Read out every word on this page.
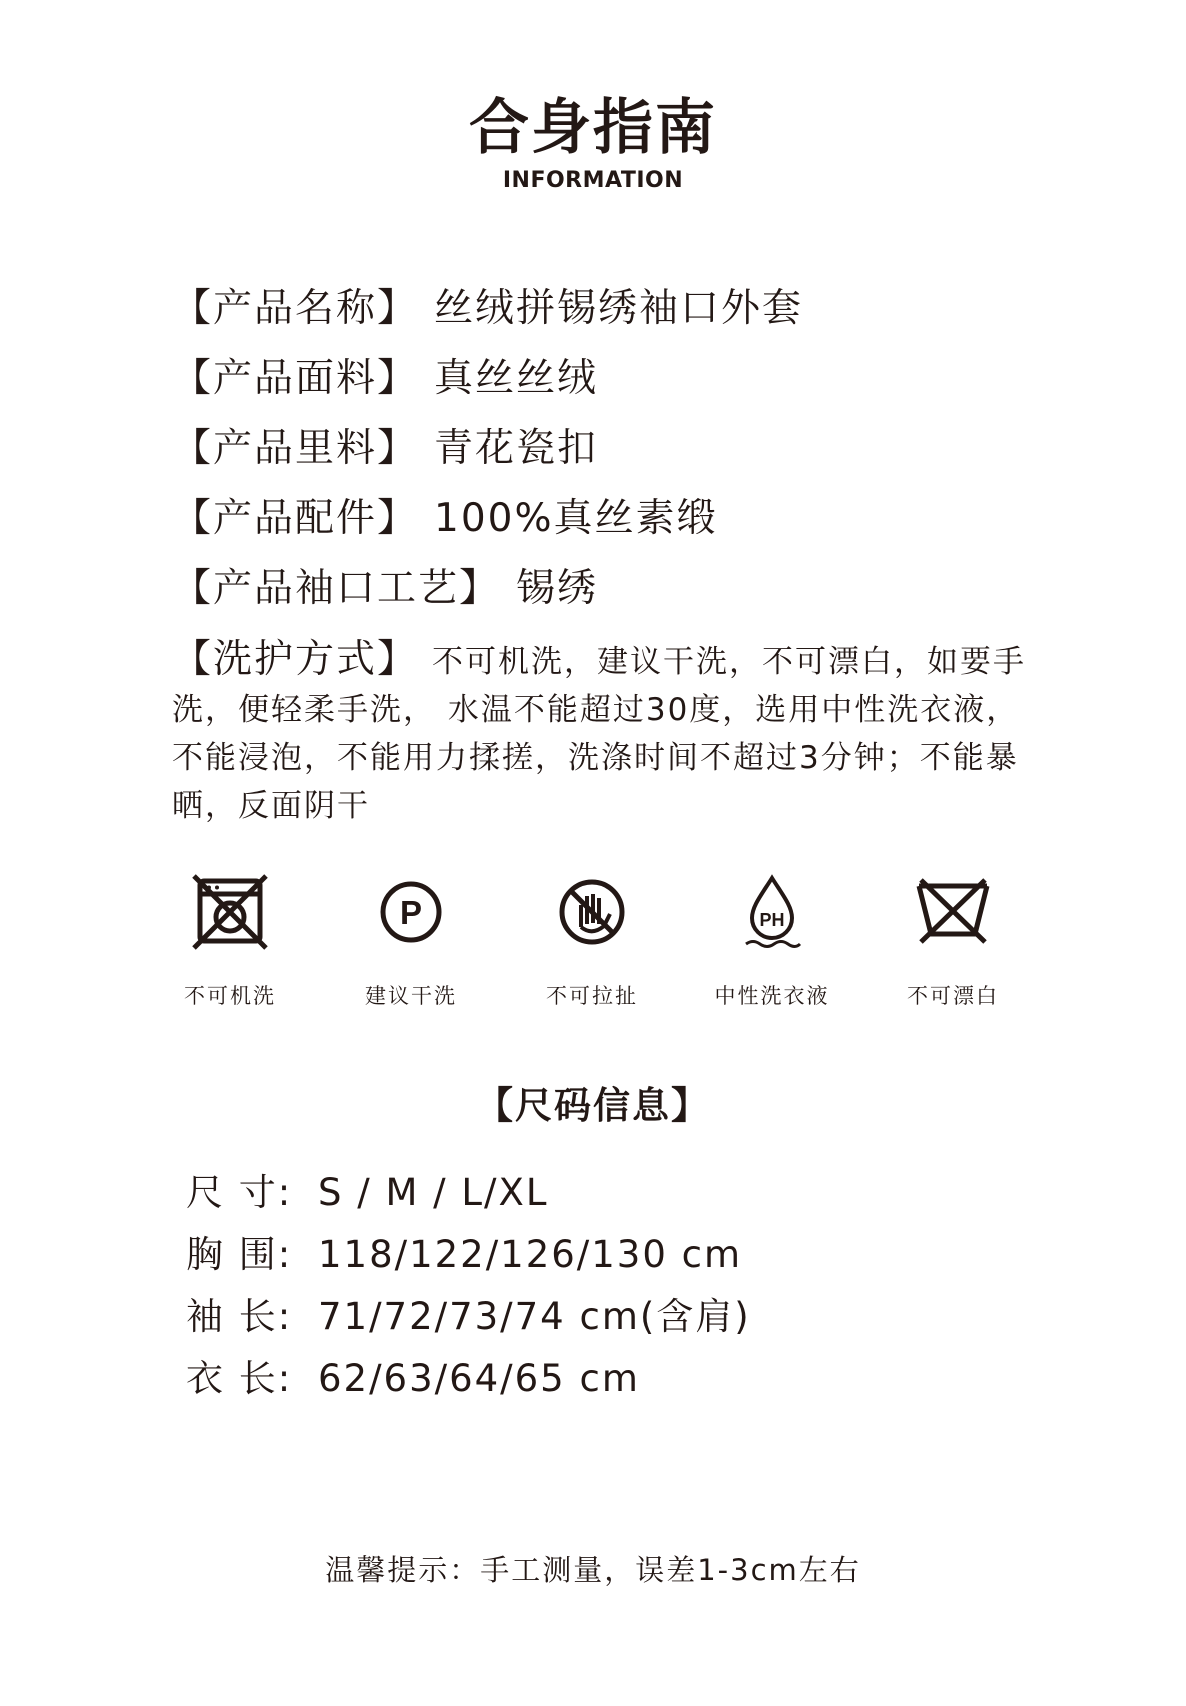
合身指南
INFORMATION
【产品名称】 丝绒拼锡绣袖口外套
【产品面料】 真丝丝绒
【产品里料】 青花瓷扣
【产品配件】 100%真丝素缎
【产品袖口工艺】 锡绣
【洗护方式】 不可机洗，建议干洗，不可漂白，如要手洗，便轻柔手洗， 水温不能超过30度，选用中性洗衣液，不能浸泡，不能用力揉搓，洗涤时间不超过3分钟；不能暴晒，反面阴干
不可机洗
P
建议干洗	不可拉扯
PH
中性洗衣液	不可漂白
【尺码信息】
尺 寸: S / M / L/XL
胸 围: 118/122/126/130 cm
袖 长: 71/72/73/74 cm(含肩)
衣 长: 62/63/64/65 cm
温馨提示：手工测量，误差1-3cm左右
